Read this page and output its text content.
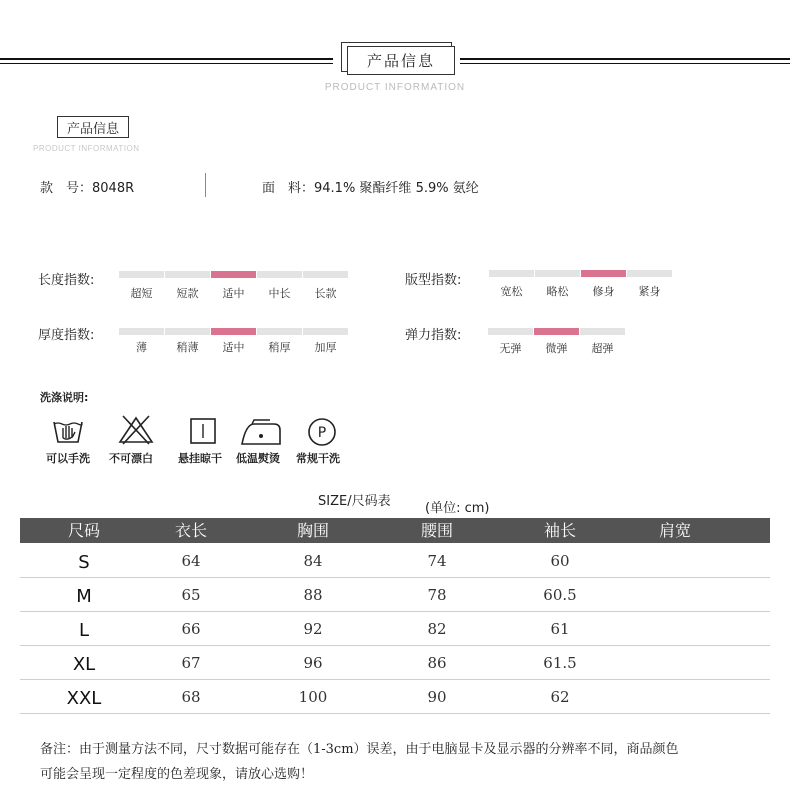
产品信息
PRODUCT INFORMATION
产品信息
PRODUCT INFORMATION
款　号：8048R	面　料：94.1% 聚酯纤维 5.9% 氨纶
长度指数:
超短	短款	适中	中长	长款
版型指数:
宽松	略松	修身	紧身
厚度指数:
薄	稍薄	适中	稍厚	加厚
弹力指数:
无弹	微弹	超弹
洗涤说明:
可以手洗 不可漂白 悬挂晾干 低温熨烫
P
常规干洗
SIZE/尺码表	(单位: cm)
尺码	衣长	胸围	腰围	袖长	肩宽
S	64	84	74	60
M	65	88	78	60.5
L	66	92	82	61
XL	67	96	86	61.5
XXL	68	100	90	62
备注：由于测量方法不同，尺寸数据可能存在（1-3cm）误差，由于电脑显卡及显示器的分辨率不同，商品颜色
可能会呈现一定程度的色差现象，请放心选购！
